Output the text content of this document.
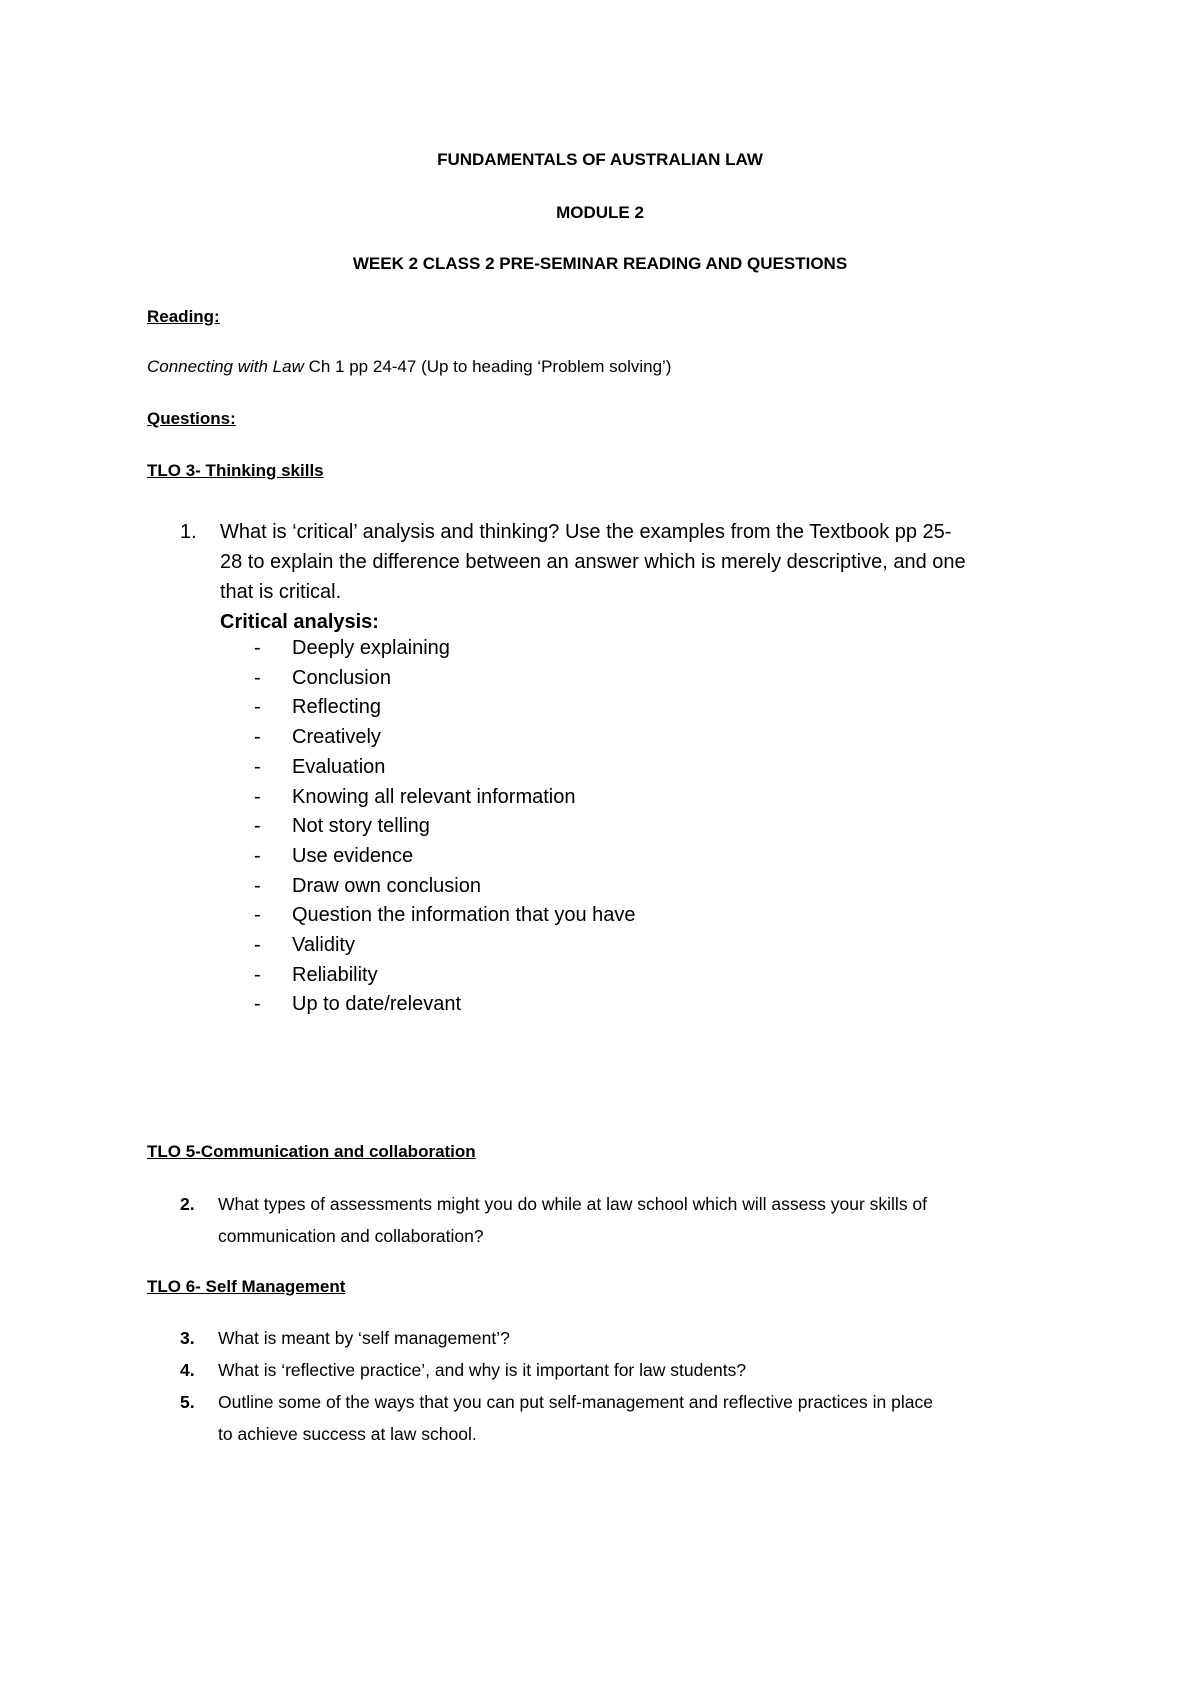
FUNDAMENTALS OF AUSTRALIAN LAW
MODULE 2
WEEK 2 CLASS 2 PRE-SEMINAR READING AND QUESTIONS
Reading:
Connecting with Law Ch 1 pp 24-47 (Up to heading ‘Problem solving’)
Questions:
TLO 3- Thinking skills
1.	What is ‘critical’ analysis and thinking? Use the examples from the Textbook pp 25-
28 to explain the difference between an answer which is merely descriptive, and one
that is critical.
Critical analysis:
- Deeply explaining
- Conclusion
- Reflecting
- Creatively
- Evaluation
- Knowing all relevant information
- Not story telling
- Use evidence
- Draw own conclusion
- Question the information that you have
- Validity
- Reliability
- Up to date/relevant
TLO 5-Communication and collaboration
2.	What types of assessments might you do while at law school which will assess your skills of
communication and collaboration?
TLO 6- Self Management
3.	What is meant by ‘self management’?
4.	What is ‘reflective practice’, and why is it important for law students?
5.	Outline some of the ways that you can put self-management and reflective practices in place
to achieve success at law school.
